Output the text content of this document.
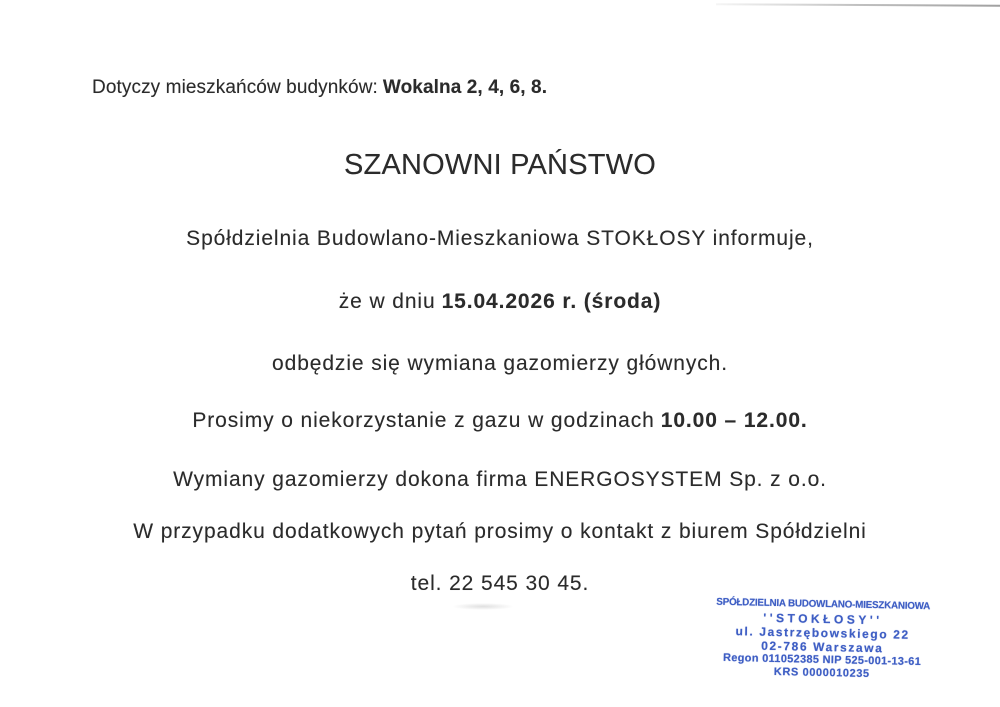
Dotyczy mieszkańców budynków: Wokalna 2, 4, 6, 8.
SZANOWNI PAŃSTWO
Spółdzielnia Budowlano-Mieszkaniowa STOKŁOSY informuje,
że w dniu 15.04.2026 r. (środa)
odbędzie się wymiana gazomierzy głównych.
Prosimy o niekorzystanie z gazu w godzinach 10.00 – 12.00.
Wymiany gazomierzy dokona firma ENERGOSYSTEM Sp. z o.o.
W przypadku dodatkowych pytań prosimy o kontakt z biurem Spółdzielni
tel. 22 545 30 45.
SPÓŁDZIELNIA BUDOWLANO-MIESZKANIOWA
''STOKŁOSY''
ul. Jastrzębowskiego 22
02-786 Warszawa
Regon 011052385 NIP 525-001-13-61
KRS 0000010235
